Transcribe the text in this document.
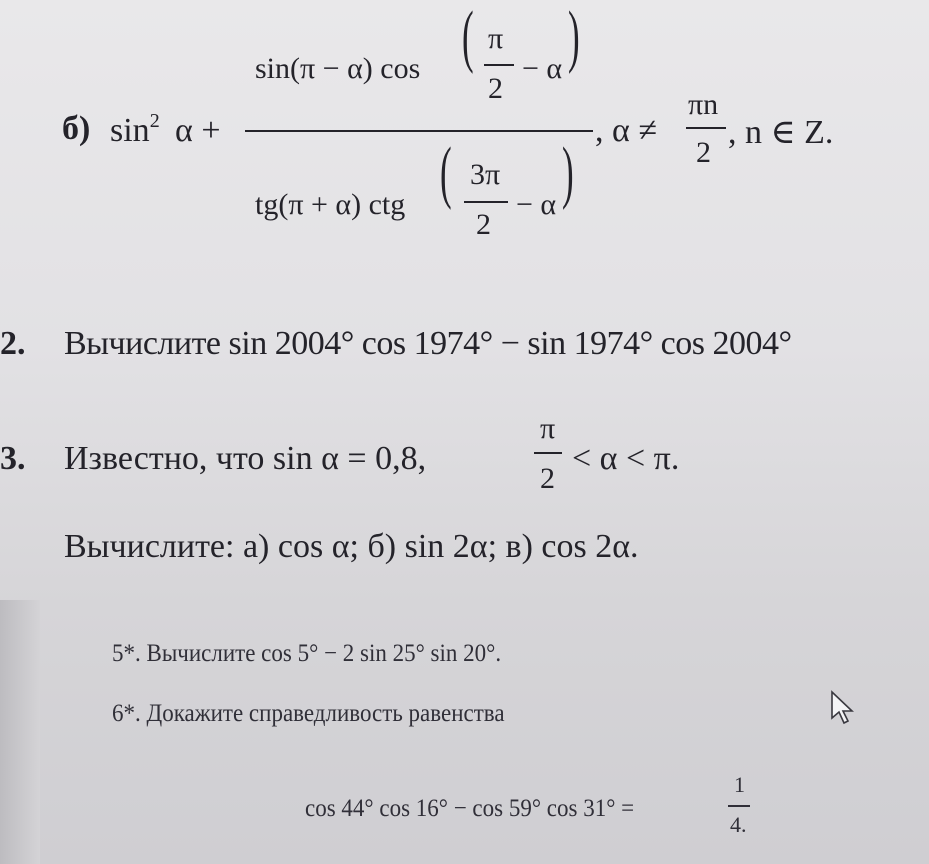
б) $\sin^2 \alpha$ +
sin(π − α) cos ( π
2
− α )
tg(π + α) ctg ( 3π
2
− α )
, α ≠
πn
2
, n ∈ Z.
2. Вычислите sin 2004° cos 1974° − sin 1974° cos 2004°
3. Известно, что sin α = 0,8,
π
2
< α < π.
Вычислите: а) cos α; б) sin 2α; в) cos 2α.
5*. Вычислите cos 5° − 2 sin 25° sin 20°.
6*. Докажите справедливость равенства
cos 44° cos 16° − cos 59° cos 31° =
1
4.
